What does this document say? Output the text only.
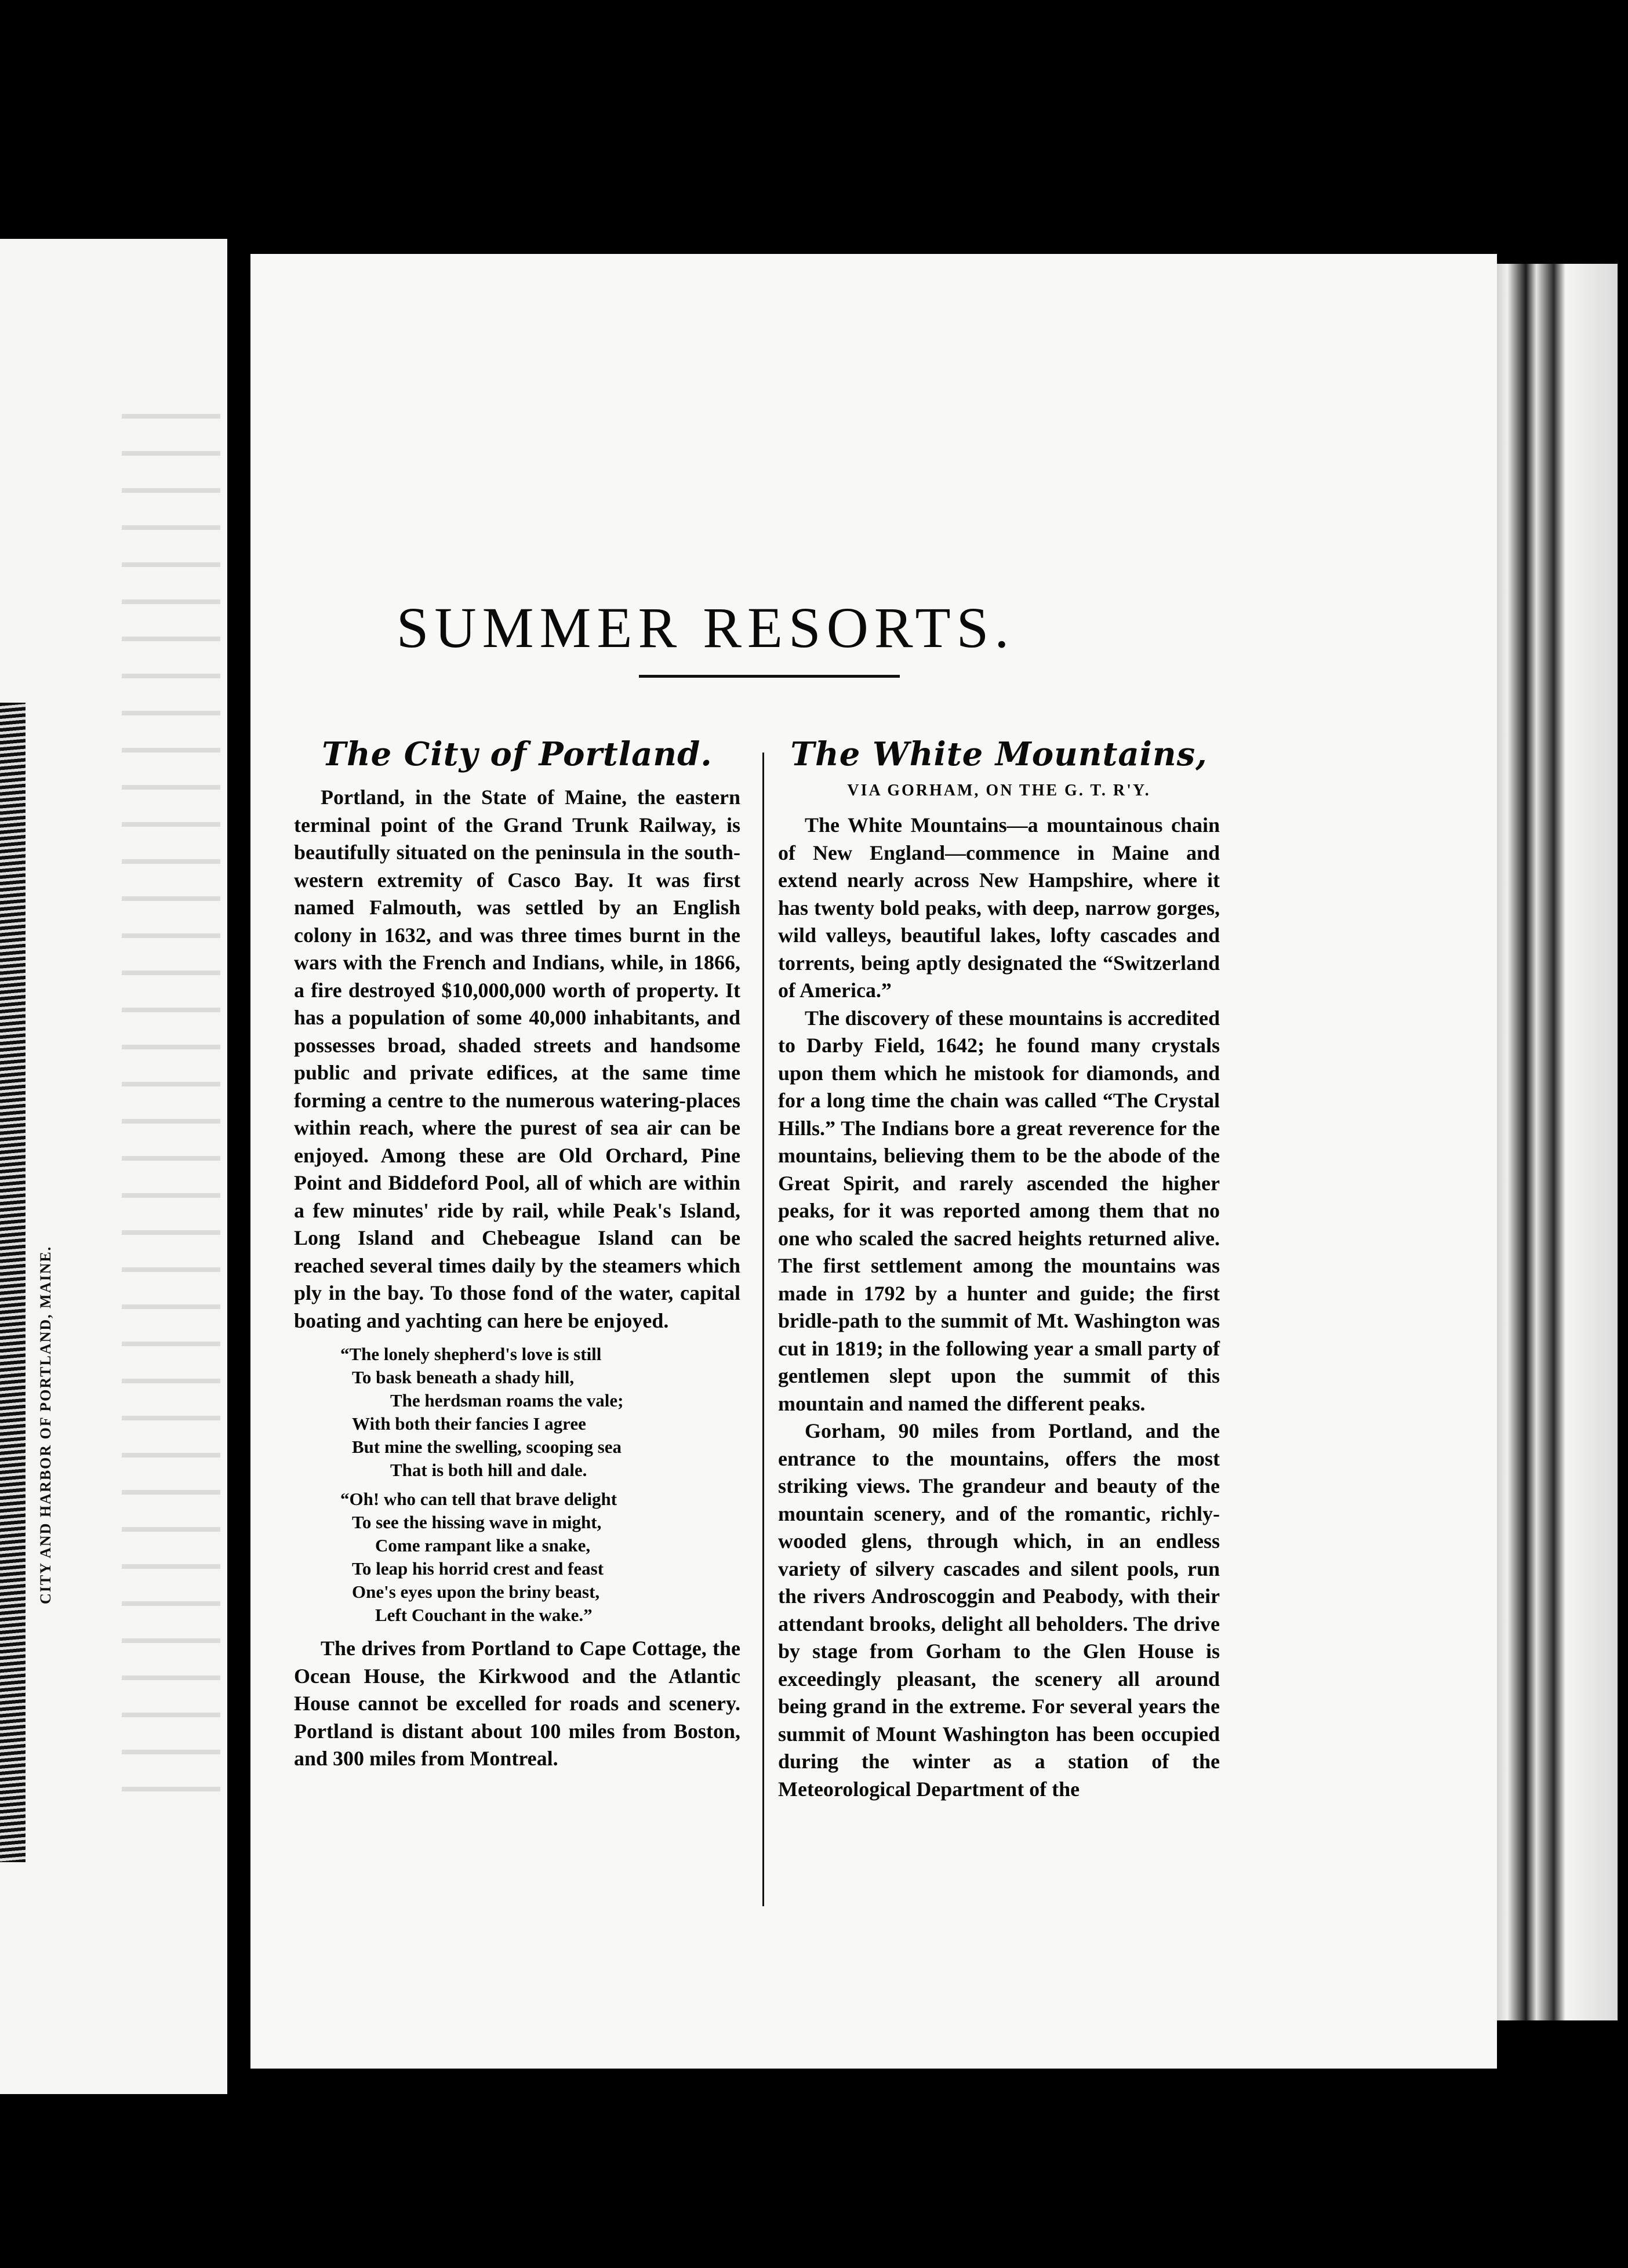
CITY AND HARBOR OF PORTLAND, MAINE.
SUMMER RESORTS.
The City of Portland.

Portland, in the State of Maine, the eastern terminal point of the Grand Trunk Railway, is beautifully situated on the peninsula in the south-western extremity of Casco Bay. It was first named Falmouth, was settled by an English colony in 1632, and was three times burnt in the wars with the French and Indians, while, in 1866, a fire destroyed $10,000,000 worth of property. It has a population of some 40,000 inhabitants, and possesses broad, shaded streets and handsome public and private edifices, at the same time forming a centre to the numerous watering-places within reach, where the purest of sea air can be enjoyed. Among these are Old Orchard, Pine Point and Biddeford Pool, all of which are within a few minutes' ride by rail, while Peak's Island, Long Island and Chebeague Island can be reached several times daily by the steamers which ply in the bay. To those fond of the water, capital boating and yachting can here be enjoyed.

“The lonely shepherd's love is still
To bask beneath a shady hill,
The herdsman roams the vale;
With both their fancies I agree
But mine the swelling, scooping sea
That is both hill and dale.
“Oh! who can tell that brave delight
To see the hissing wave in might,
Come rampant like a snake,
To leap his horrid crest and feast
One's eyes upon the briny beast,
Left Couchant in the wake.”

The drives from Portland to Cape Cottage, the Ocean House, the Kirkwood and the Atlantic House cannot be excelled for roads and scenery. Portland is distant about 100 miles from Boston, and 300 miles from Montreal.

The White Mountains,
VIA GORHAM, ON THE G. T. R'Y.

The White Mountains—a mountainous chain of New England—commence in Maine and extend nearly across New Hampshire, where it has twenty bold peaks, with deep, narrow gorges, wild valleys, beautiful lakes, lofty cascades and torrents, being aptly designated the “Switzerland of America.”

The discovery of these mountains is accredited to Darby Field, 1642; he found many crystals upon them which he mistook for diamonds, and for a long time the chain was called “The Crystal Hills.” The Indians bore a great reverence for the mountains, believing them to be the abode of the Great Spirit, and rarely ascended the higher peaks, for it was reported among them that no one who scaled the sacred heights returned alive. The first settlement among the mountains was made in 1792 by a hunter and guide; the first bridle-path to the summit of Mt. Washington was cut in 1819; in the following year a small party of gentlemen slept upon the summit of this mountain and named the different peaks.

Gorham, 90 miles from Portland, and the entrance to the mountains, offers the most striking views. The grandeur and beauty of the mountain scenery, and of the romantic, richly-wooded glens, through which, in an endless variety of silvery cascades and silent pools, run the rivers Androscoggin and Peabody, with their attendant brooks, delight all beholders. The drive by stage from Gorham to the Glen House is exceedingly pleasant, the scenery all around being grand in the extreme. For several years the summit of Mount Washington has been occupied during the winter as a station of the Meteorological Department of the
